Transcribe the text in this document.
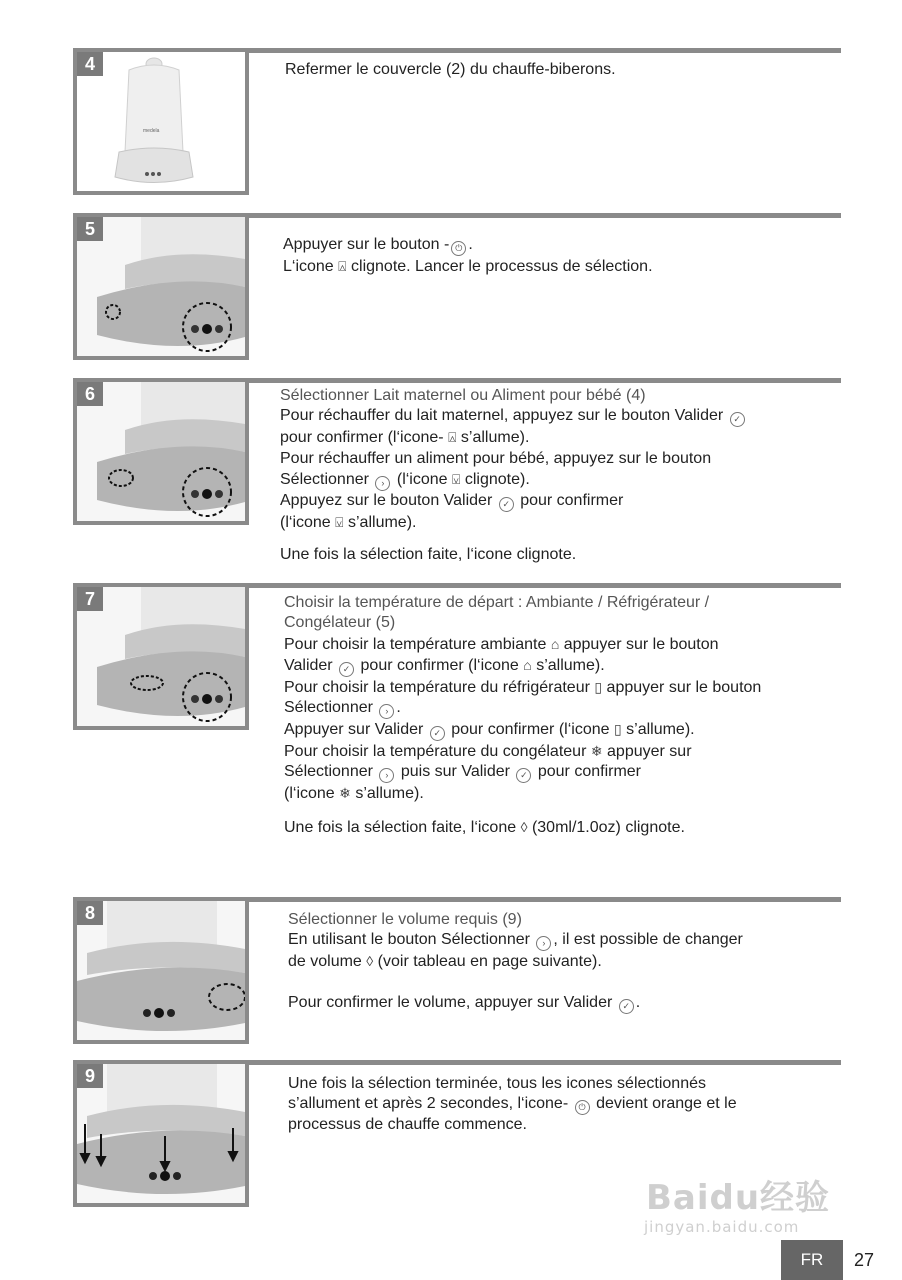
4
medela

Refermer le couvercle (2) du chauffe-biberons.

5

Appuyer sur le bouton - ⏻ .

L‘icone ⍓ clignote. Lancer le processus de sélection.

6	Sélectionner Lait maternel ou Aliment pour bébé (4)

Pour réchauffer du lait maternel, appuyez sur le bouton Valider ✓

pour confirmer (l‘icone- ⍓ s’allume).

Pour réchauffer un aliment pour bébé, appuyez sur le bouton

Sélectionner › (l‘icone ⍌ clignote).

Appuyez sur le bouton Valider ✓ pour confirmer

(l‘icone ⍌ s’allume).

Une fois la sélection faite, l‘icone clignote.

7	Choisir la température de départ : Ambiante / Réfrigérateur /

Congélateur (5)

Pour choisir la température ambiante ⌂ appuyer sur le bouton

Valider ✓ pour confirmer (l‘icone ⌂ s’allume).

Pour choisir la température du réfrigérateur ▯ appuyer sur le bouton

Sélectionner › .

Appuyer sur Valider ✓ pour confirmer (l‘icone ▯ s’allume).

Pour choisir la température du congélateur ❄ appuyer sur

Sélectionner › puis sur Valider ✓ pour confirmer

(l‘icone ❄ s’allume).

Une fois la sélection faite, l‘icone ◊ (30ml/1.0oz) clignote.

8	Sélectionner le volume requis (9)

En utilisant le bouton Sélectionner › , il est possible de changer

de volume ◊ (voir tableau en page suivante).

Pour confirmer le volume, appuyer sur Valider ✓ .

9	Une fois la sélection terminée, tous les icones sélectionnés

s’allument et après 2 secondes, l‘icone- ⏻ devient orange et le

processus de chauffe commence.

Baidu经验
jingyan.baidu.com
FR	27
